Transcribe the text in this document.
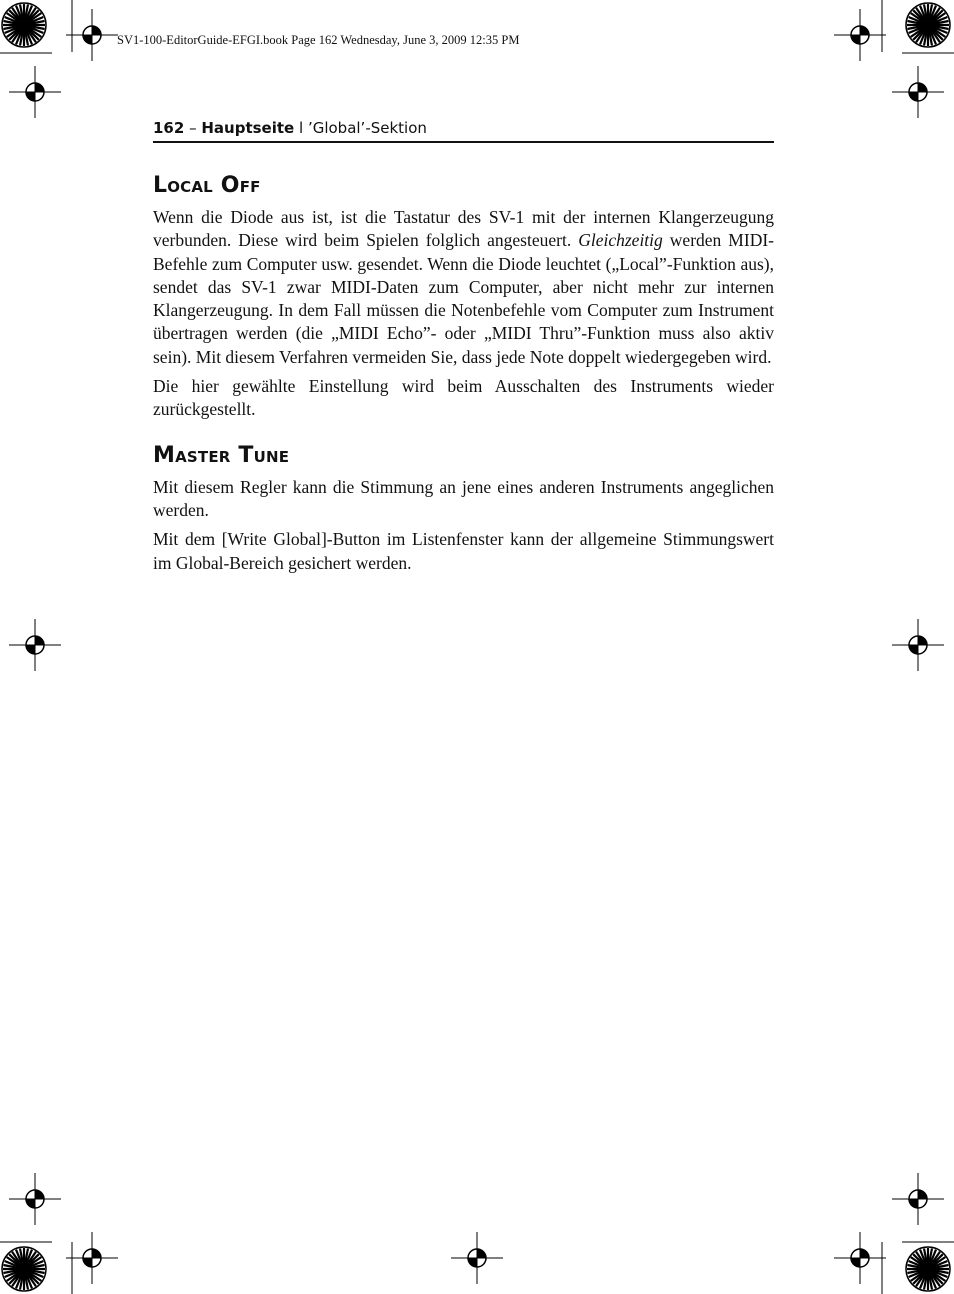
SV1-100-EditorGuide-EFGI.book Page 162 Wednesday, June 3, 2009 12:35 PM
162 – Hauptseite l ’Global’-Sektion
Local Off

Wenn die Diode aus ist, ist die Tastatur des SV-1 mit der internen Klangerzeugung verbunden. Diese wird beim Spielen folglich angesteuert. Gleichzeitig werden MIDI-Befehle zum Computer usw. gesendet. Wenn die Diode leuchtet („Local”-Funktion aus), sendet das SV-1 zwar MIDI-Daten zum Computer, aber nicht mehr zur internen Klangerzeugung. In dem Fall müssen die Notenbefehle vom Computer zum Instrument übertragen werden (die „MIDI Echo”- oder „MIDI Thru”-Funktion muss also aktiv sein). Mit diesem Verfahren vermeiden Sie, dass jede Note doppelt wiedergegeben wird.

Die hier gewählte Einstellung wird beim Ausschalten des Instruments wieder zurückgestellt.

Master Tune

Mit diesem Regler kann die Stimmung an jene eines anderen Instruments angeglichen werden.

Mit dem [Write Global]-Button im Listenfenster kann der allgemeine Stimmungswert im Global-Bereich gesichert werden.
